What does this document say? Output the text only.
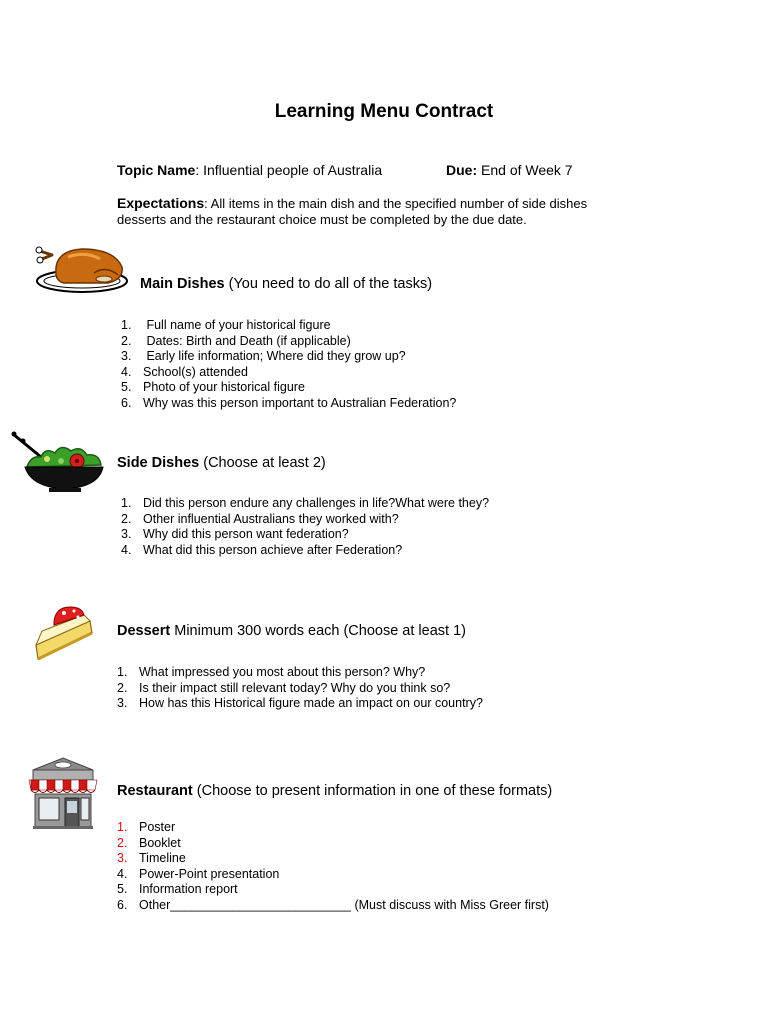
Learning Menu Contract
Topic Name: Influential people of Australia	Due: End of Week 7
Expectations: All items in the main dish and the specified number of side dishes
desserts and the restaurant choice must be completed by the due date.
Main Dishes (You need to do all of the tasks)
1. Full name of your historical figure
2. Dates: Birth and Death (if applicable)
3. Early life information; Where did they grow up?
4. School(s) attended
5. Photo of your historical figure
6. Why was this person important to Australian Federation?
Side Dishes (Choose at least 2)
1. Did this person endure any challenges in life?What were they?
2. Other influential Australians they worked with?
3. Why did this person want federation?
4. What did this person achieve after Federation?
Dessert Minimum 300 words each (Choose at least 1)
1. What impressed you most about this person? Why?
2. Is their impact still relevant today? Why do you think so?
3. How has this Historical figure made an impact on our country?
Restaurant (Choose to present information in one of these formats)
1. Poster
2. Booklet
3. Timeline
4. Power-Point presentation
5. Information report
6. Other__________________________ (Must discuss with Miss Greer first)
